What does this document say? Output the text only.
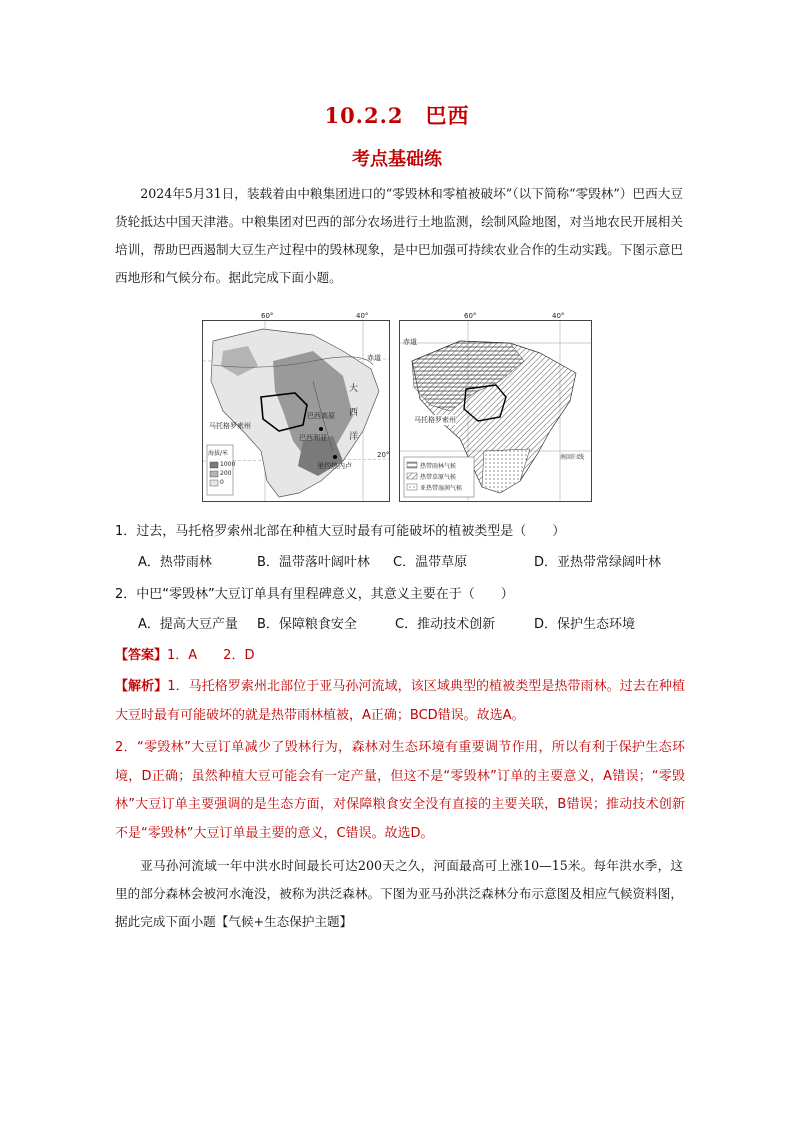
10.2.2　巴西
考点基础练
2024年5月31日，装载着由中粮集团进口的“零毁林和零植被破坏”（以下简称“零毁林”）巴西大豆货轮抵达中国天津港。中粮集团对巴西的部分农场进行土地监测，绘制风险地图，对当地农民开展相关培训，帮助巴西遏制大豆生产过程中的毁林现象，是中巴加强可持续农业合作的生动实践。下图示意巴西地形和气候分布。据此完成下面小题。
60°	40°
赤道
20°
马托格罗索州
巴西高原
巴西利亚
里约热内卢
大
西
洋
海拔/米
1000
200
0
60°	40°
赤道
南回归线
马托格罗索州
热带雨林气候
热带草原气候
亚热带湿润气候
1．过去，马托格罗索州北部在种植大豆时最有可能破坏的植被类型是（　　）
A．热带雨林	B．温带落叶阔叶林 C．温带草原	D．亚热带常绿阔叶林
2．中巴“零毁林”大豆订单具有里程碑意义，其意义主要在于（　　）
A．提高大豆产量 B．保障粮食安全	C．推动技术创新	D．保护生态环境
【答案】1．A　　2．D
【解析】1．马托格罗索州北部位于亚马孙河流域，该区域典型的植被类型是热带雨林。过去在种植大豆时最有可能破坏的就是热带雨林植被，A正确；BCD错误。故选A。
2．“零毁林”大豆订单减少了毁林行为，森林对生态环境有重要调节作用，所以有利于保护生态环境，D正确；虽然种植大豆可能会有一定产量，但这不是“零毁林”订单的主要意义，A错误；“零毁林”大豆订单主要强调的是生态方面，对保障粮食安全没有直接的主要关联，B错误；推动技术创新不是“零毁林”大豆订单最主要的意义，C错误。故选D。
亚马孙河流域一年中洪水时间最长可达200天之久，河面最高可上涨10—15米。每年洪水季，这里的部分森林会被河水淹没，被称为洪泛森林。下图为亚马孙洪泛森林分布示意图及相应气候资料图，据此完成下面小题【气候+生态保护主题】
